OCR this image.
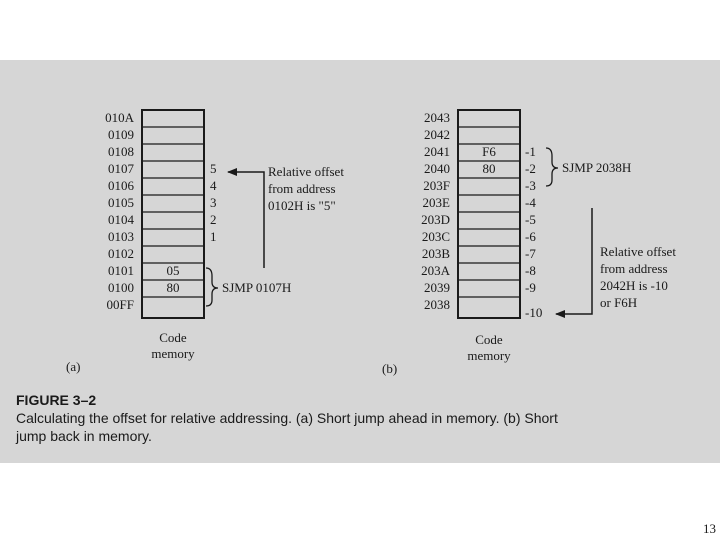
010A
0109
0108
0107
0106
0105
0104
0103
0102
0101
0100
00FF
05
80
5
4
3
2
1
Relative offset
from address
0102H is "5"
SJMP 0107H
Code
memory
(a)
2043
2042
2041
2040
203F
203E
203D
203C
203B
203A
2039
2038
F6
80
-1
-2
-3
-4
-5
-6
-7
-8
-9
-10
SJMP 2038H
Relative offset
from address
2042H is -10
or F6H
Code
memory
(b)
FIGURE 3–2
Calculating the offset for relative addressing. (a) Short jump ahead in memory. (b) Short
jump back in memory.
13
